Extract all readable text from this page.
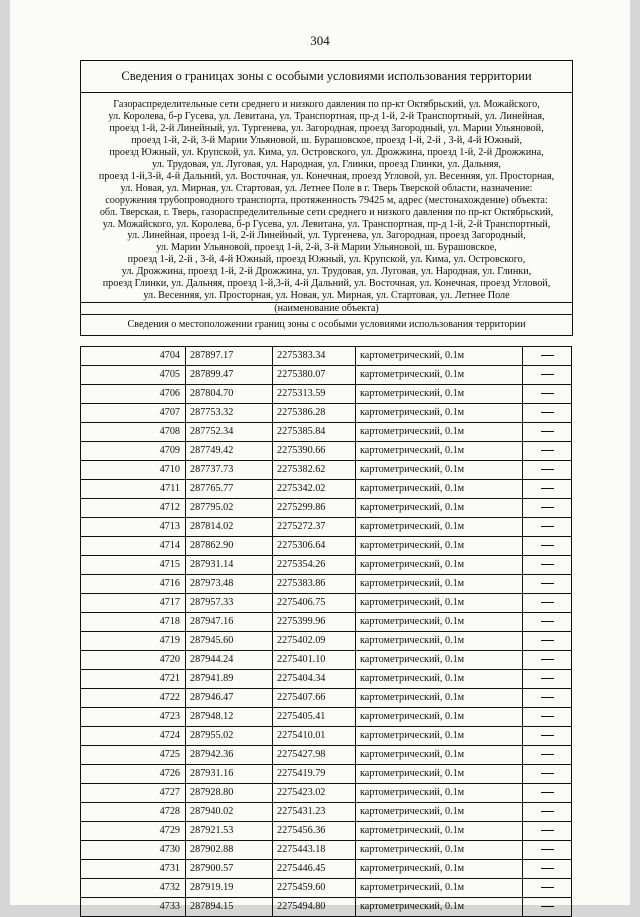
304
Сведения о границах зоны с особыми условиями использования территории
Газораспределительные сети среднего и низкого давления по пр-кт Октябрьский, ул. Можайского,
ул. Королева, б-р Гусева, ул. Левитана, ул. Транспортная, пр-д 1-й, 2-й Транспортный, ул. Линейная,
проезд 1-й, 2-й Линейный, ул. Тургенева, ул. Загородная, проезд Загородный, ул. Марии Ульяновой,
проезд 1-й, 2-й, 3-й Марии Ульяновой, ш. Бурашовское, проезд 1-й, 2-й , 3-й, 4-й Южный,
проезд Южный, ул. Крупской, ул. Кима, ул. Островского, ул. Дрожжина, проезд 1-й, 2-й Дрожжина,
ул. Трудовая, ул. Луговая, ул. Народная, ул. Глинки, проезд Глинки, ул. Дальняя,
проезд 1-й,3-й, 4-й Дальний, ул. Восточная, ул. Конечная, проезд Угловой, ул. Весенняя, ул. Просторная,
ул. Новая, ул. Мирная, ул. Стартовая, ул. Летнее Поле в г. Тверь Тверской области, назначение:
сооружения трубопроводного транспорта, протяженность 79425 м, адрес (местонахождение) объекта:
обл. Тверская, г. Тверь, газораспределительные сети среднего и низкого давления по пр-кт Октябрьский,
ул. Можайского, ул. Королева, б-р Гусева, ул. Левитана, ул. Транспортная, пр-д 1-й, 2-й Транспортный,
ул. Линейная, проезд 1-й, 2-й Линейный, ул. Тургенева, ул. Загородная, проезд Загородный,
ул. Марии Ульяновой, проезд 1-й, 2-й, 3-й Марии Ульяновой, ш. Бурашовское,
проезд 1-й, 2-й , 3-й, 4-й Южный, проезд Южный, ул. Крупской, ул. Кима, ул. Островского,
ул. Дрожжина, проезд 1-й, 2-й Дрожжина, ул. Трудовая, ул. Луговая, ул. Народная, ул. Глинки,
проезд Глинки, ул. Дальняя, проезд 1-й,3-й, 4-й Дальний, ул. Восточная, ул. Конечная, проезд Угловой,
ул. Весенняя, ул. Просторная, ул. Новая, ул. Мирная, ул. Стартовая, ул. Летнее Поле
(наименование объекта)
Сведения о местоположении границ зоны с особыми условиями использования территории
4704	287897.17	2275383.34	картометрический, 0.1м	
4705	287899.47	2275380.07	картометрический, 0.1м	
4706	287804.70	2275313.59	картометрический, 0.1м	
4707	287753.32	2275386.28	картометрический, 0.1м	
4708	287752.34	2275385.84	картометрический, 0.1м	
4709	287749.42	2275390.66	картометрический, 0.1м	
4710	287737.73	2275382.62	картометрический, 0.1м	
4711	287765.77	2275342.02	картометрический, 0.1м	
4712	287795.02	2275299.86	картометрический, 0.1м	
4713	287814.02	2275272.37	картометрический, 0.1м	
4714	287862.90	2275306.64	картометрический, 0.1м	
4715	287931.14	2275354.26	картометрический, 0.1м	
4716	287973.48	2275383.86	картометрический, 0.1м	
4717	287957.33	2275406.75	картометрический, 0.1м	
4718	287947.16	2275399.96	картометрический, 0.1м	
4719	287945.60	2275402.09	картометрический, 0.1м	
4720	287944.24	2275401.10	картометрический, 0.1м	
4721	287941.89	2275404.34	картометрический, 0.1м	
4722	287946.47	2275407.66	картометрический, 0.1м	
4723	287948.12	2275405.41	картометрический, 0.1м	
4724	287955.02	2275410.01	картометрический, 0.1м	
4725	287942.36	2275427.98	картометрический, 0.1м	
4726	287931.16	2275419.79	картометрический, 0.1м	
4727	287928.80	2275423.02	картометрический, 0.1м	
4728	287940.02	2275431.23	картометрический, 0.1м	
4729	287921.53	2275456.36	картометрический, 0.1м	
4730	287902.88	2275443.18	картометрический, 0.1м	
4731	287900.57	2275446.45	картометрический, 0.1м	
4732	287919.19	2275459.60	картометрический, 0.1м	
4733	287894.15	2275494.80	картометрический, 0.1м	
